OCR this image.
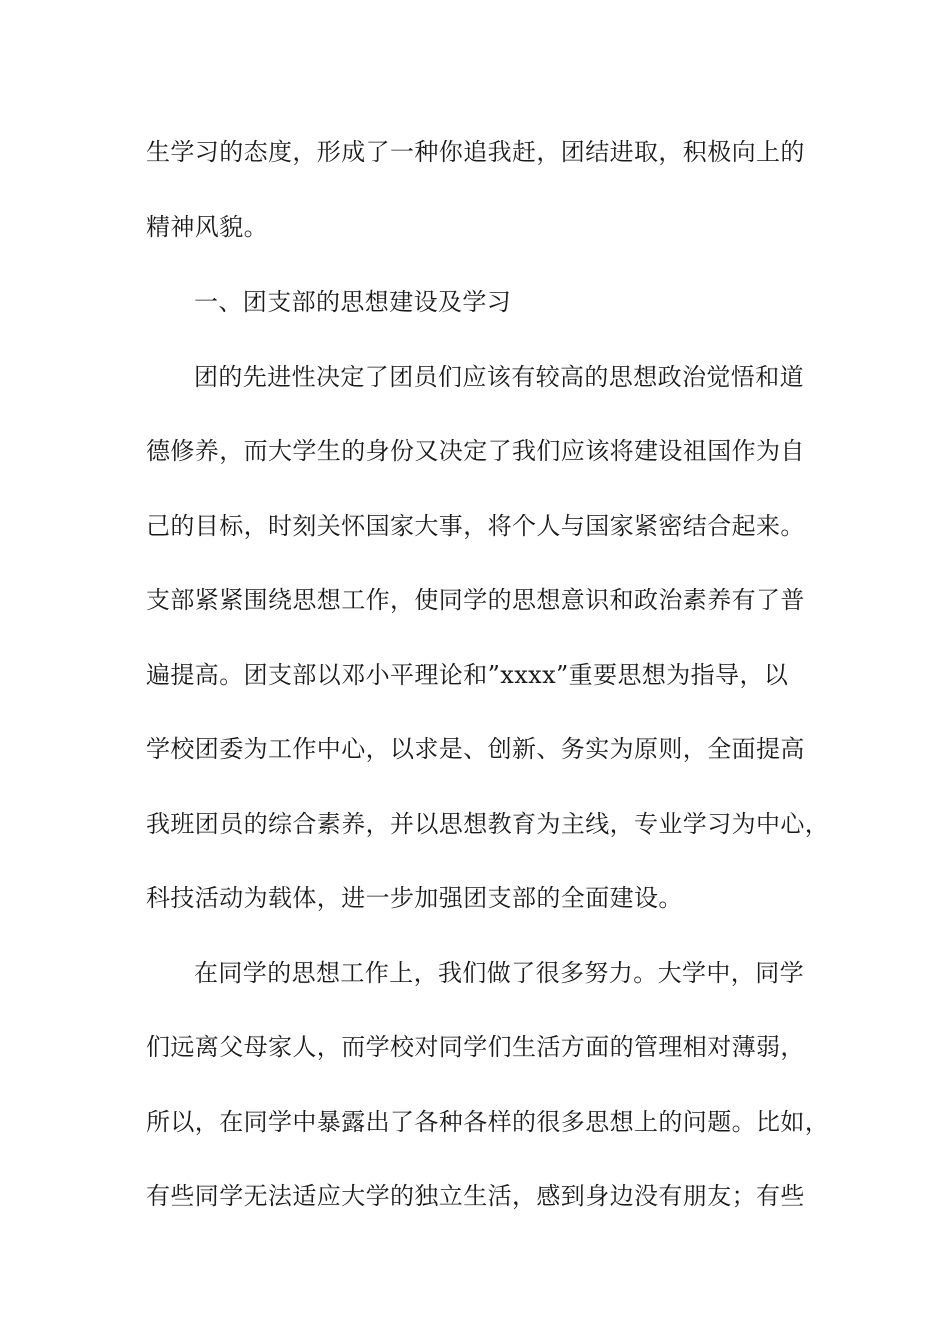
生学习的态度，形成了一种你追我赶，团结进取，积极向上的
精神风貌。
一、团支部的思想建设及学习
团的先进性决定了团员们应该有较高的思想政治觉悟和道
德修养，而大学生的身份又决定了我们应该将建设祖国作为自
己的目标，时刻关怀国家大事，将个人与国家紧密结合起来。
支部紧紧围绕思想工作，使同学的思想意识和政治素养有了普
遍提高。团支部以邓小平理论和”xxxx”重要思想为指导，以
学校团委为工作中心，以求是、创新、务实为原则，全面提高
我班团员的综合素养，并以思想教育为主线，专业学习为中心，
科技活动为载体，进一步加强团支部的全面建设。
在同学的思想工作上，我们做了很多努力。大学中，同学
们远离父母家人，而学校对同学们生活方面的管理相对薄弱，
所以，在同学中暴露出了各种各样的很多思想上的问题。比如，
有些同学无法适应大学的独立生活，感到身边没有朋友；有些
